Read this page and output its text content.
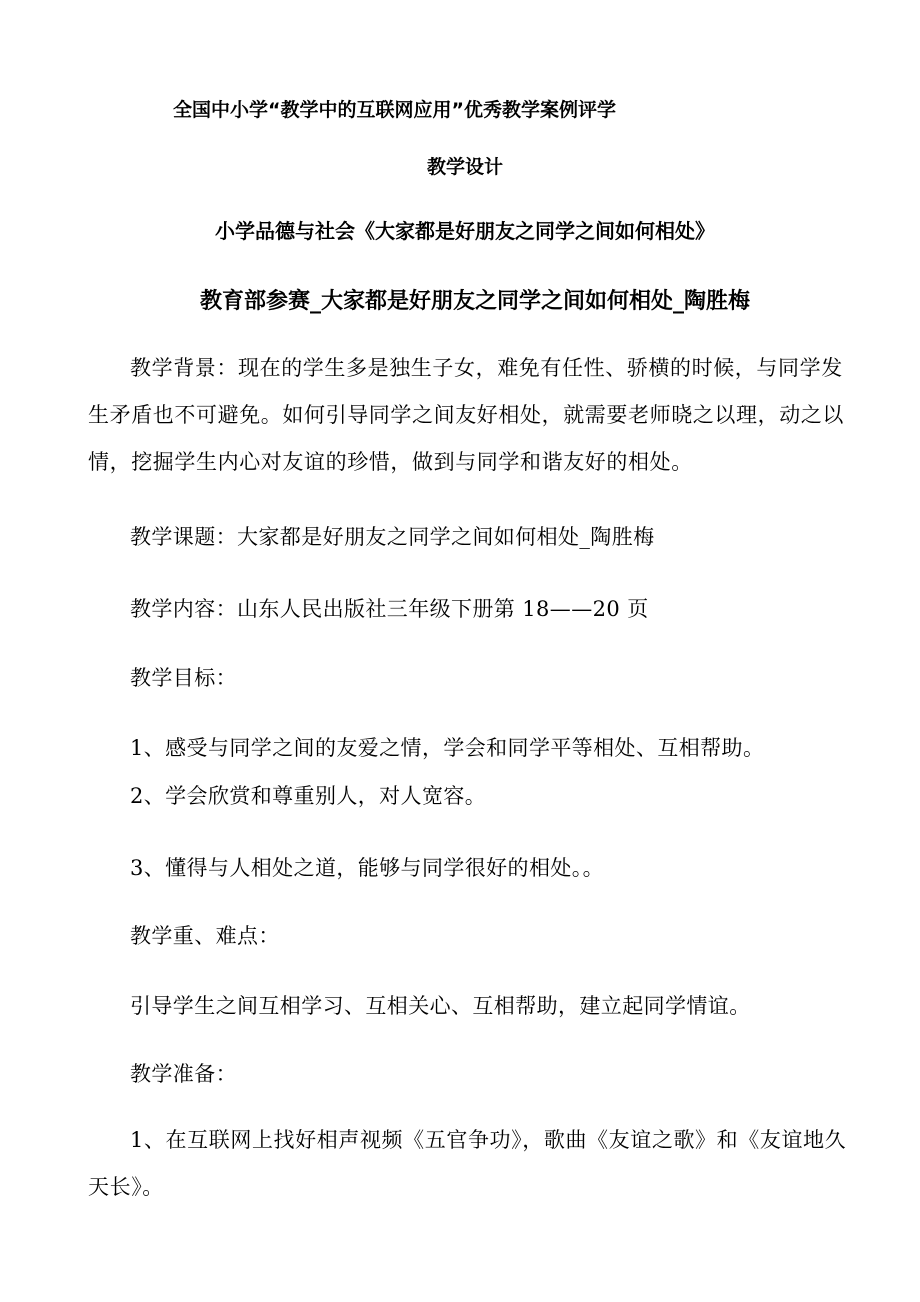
全国中小学“教学中的互联网应用”优秀教学案例评学

教学设计

小学品德与社会《大家都是好朋友之同学之间如何相处》

教育部参赛_大家都是好朋友之同学之间如何相处_陶胜梅

教学背景：现在的学生多是独生子女，难免有任性、骄横的时候，与同学发生矛盾也不可避免。如何引导同学之间友好相处，就需要老师晓之以理，动之以情，挖掘学生内心对友谊的珍惜，做到与同学和谐友好的相处。

教学课题：大家都是好朋友之同学之间如何相处_陶胜梅

教学内容：山东人民出版社三年级下册第 18——20 页

教学目标：

1、感受与同学之间的友爱之情，学会和同学平等相处、互相帮助。

2、学会欣赏和尊重别人，对人宽容。

3、懂得与人相处之道，能够与同学很好的相处。。

教学重、难点：

引导学生之间互相学习、互相关心、互相帮助，建立起同学情谊。

教学准备：

1、在互联网上找好相声视频《五官争功》，歌曲《友谊之歌》和《友谊地久天长》。
